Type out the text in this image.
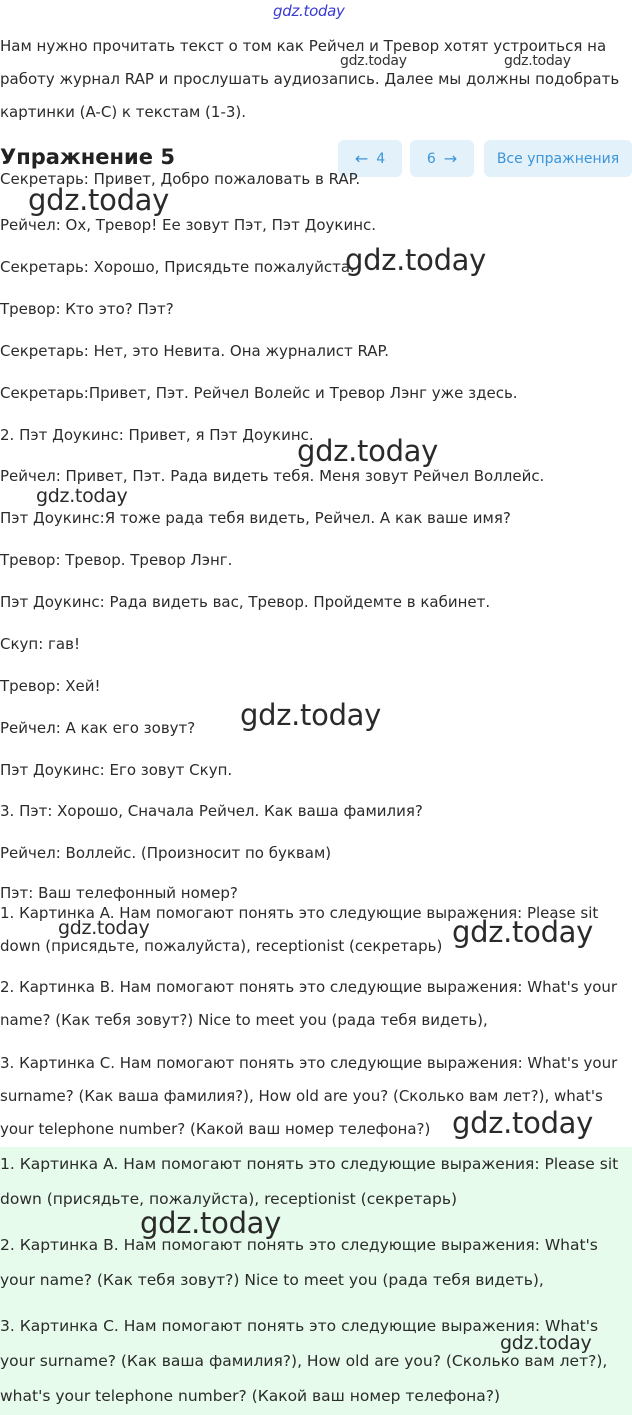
gdz.today
Нам нужно прочитать текст о том как Рейчел и Тревор хотят устроиться на работу журнал RAP и прослушать аудиозапись. Далее мы должны подобрать картинки (A-C) к текстам (1-3).
gdz.today	gdz.today
Упражнение 5	← 4	6 →	Все упражнения
Секретарь: Привет, Добро пожаловать в RAP.
Рейчел: Ох, Тревор! Ее зовут Пэт, Пэт Доукинс.
Секретарь: Хорошо, Присядьте пожалуйста.
Тревор: Кто это? Пэт?
Секретарь: Нет, это Невита. Она журналист RAP.
Секретарь:Привет, Пэт. Рейчел Волейс и Тревор Лэнг уже здесь.
2. Пэт Доукинс: Привет, я Пэт Доукинс.
Рейчел: Привет, Пэт. Рада видеть тебя. Меня зовут Рейчел Воллейс.
Пэт Доукинс:Я тоже рада тебя видеть, Рейчел. А как ваше имя?
Тревор: Тревор. Тревор Лэнг.
Пэт Доукинс: Рада видеть вас, Тревор. Пройдемте в кабинет.
Скуп: гав!
Тревор: Хей!
Рейчел: А как его зовут?
Пэт Доукинс: Его зовут Скуп.
3. Пэт: Хорошо, Сначала Рейчел. Как ваша фамилия?
Рейчел: Воллейс. (Произносит по буквам)
Пэт: Ваш телефонный номер?
gdz.today
gdz.today
gdz.today
gdz.today
gdz.today
1. Картинка A. Нам помогают понять это следующие выражения: Please sit down (присядьте, пожалуйста), receptionist (секретарь)
2. Картинка B. Нам помогают понять это следующие выражения: What's your name? (Как тебя зовут?) Nice to meet you (рада тебя видеть),
3. Картинка C. Нам помогают понять это следующие выражения: What's your surname? (Как ваша фамилия?), How old are you? (Сколько вам лет?), what's your telephone number? (Какой ваш номер телефона?)
gdz.today	gdz.today
gdz.today
1. Картинка A. Нам помогают понять это следующие выражения: Please sit down (присядьте, пожалуйста), receptionist (секретарь)
2. Картинка B. Нам помогают понять это следующие выражения: What's your name? (Как тебя зовут?) Nice to meet you (рада тебя видеть),
3. Картинка C. Нам помогают понять это следующие выражения: What's your surname? (Как ваша фамилия?), How old are you? (Сколько вам лет?), what's your telephone number? (Какой ваш номер телефона?)
gdz.today
gdz.today
